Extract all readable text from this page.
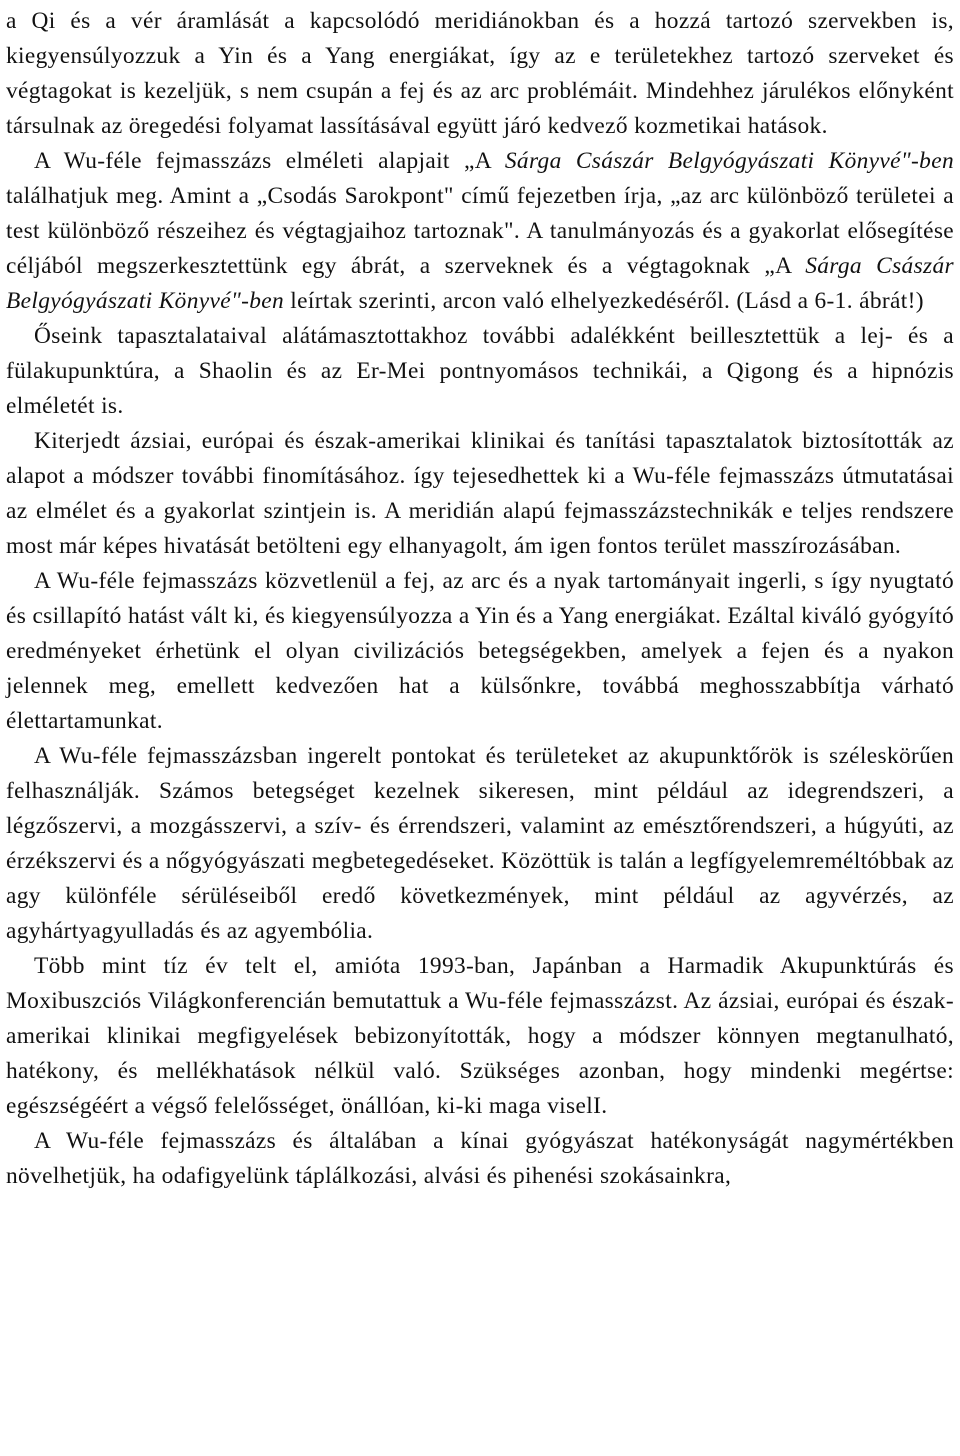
a Qi és a vér áramlását a kapcsolódó meridiánokban és a hozzá tartozó szervekben is, kiegyensúlyozzuk a Yin és a Yang energiákat, így az e területekhez tartozó szerveket és végtagokat is kezeljük, s nem csupán a fej és az arc problémáit. Mindehhez járulékos előnyként társulnak az öregedési folyamat lassításával együtt járó kedvező kozmetikai hatások.

A Wu-féle fejmasszázs elméleti alapjait „A Sárga Császár Belgyógyászati Könyvé"-ben találhatjuk meg. Amint a „Csodás Sarokpont" című fejezetben írja, „az arc különböző területei a test különböző részeihez és végtagjaihoz tartoznak". A tanulmányozás és a gyakorlat elősegítése céljából megszerkesztettünk egy ábrát, a szerveknek és a végtagoknak „A Sárga Császár Belgyógyászati Könyvé"-ben leírtak szerinti, arcon való elhelyezkedéséről. (Lásd a 6-1. ábrát!)

Őseink tapasztalataival alátámasztottakhoz további adalékként beillesztettük a lej- és a fülakupunktúra, a Shaolin és az Er-Mei pontnyomásos technikái, a Qigong és a hipnózis elméletét is.

Kiterjedt ázsiai, európai és észak-amerikai klinikai és tanítási tapasztalatok biztosították az alapot a módszer további finomításához. így tejesedhettek ki a Wu-féle fejmasszázs útmutatásai az elmélet és a gyakorlat szintjein is. A meridián alapú fejmasszázstechnikák e teljes rendszere most már képes hivatását betölteni egy elhanyagolt, ám igen fontos terület masszírozásában.

A Wu-féle fejmasszázs közvetlenül a fej, az arc és a nyak tartományait ingerli, s így nyugtató és csillapító hatást vált ki, és kiegyensúlyozza a Yin és a Yang energiákat. Ezáltal kiváló gyógyító eredményeket érhetünk el olyan civilizációs betegségekben, amelyek a fejen és a nyakon jelennek meg, emellett kedvezően hat a külsőnkre, továbbá meghosszabbítja várható élettartamunkat.

A Wu-féle fejmasszázsban ingerelt pontokat és területeket az akupunktőrök is széleskörűen felhasználják. Számos betegséget kezelnek sikeresen, mint például az idegrendszeri, a légzőszervi, a mozgásszervi, a szív- és érrendszeri, valamint az emésztőrendszeri, a húgyúti, az érzékszervi és a nőgyógyászati megbetegedéseket. Közöttük is talán a legfígyelemreméltóbbak az agy különféle sérüléseiből eredő következmények, mint például az agyvérzés, az agyhártyagyulladás és az agyembólia.

Több mint tíz év telt el, amióta 1993-ban, Japánban a Harmadik Akupunktúrás és Moxibuszciós Világkonferencián bemutattuk a Wu-féle fejmasszázst. Az ázsiai, európai és észak-amerikai klinikai megfigyelések bebizonyították, hogy a módszer könnyen megtanulható, hatékony, és mellékhatások nélkül való. Szükséges azonban, hogy mindenki megértse: egészségéért a végső felelősséget, önállóan, ki-ki maga viselI.

A Wu-féle fejmasszázs és általában a kínai gyógyászat hatékonyságát nagymértékben növelhetjük, ha odafigyelünk táplálkozási, alvási és pihenési szokásainkra,
